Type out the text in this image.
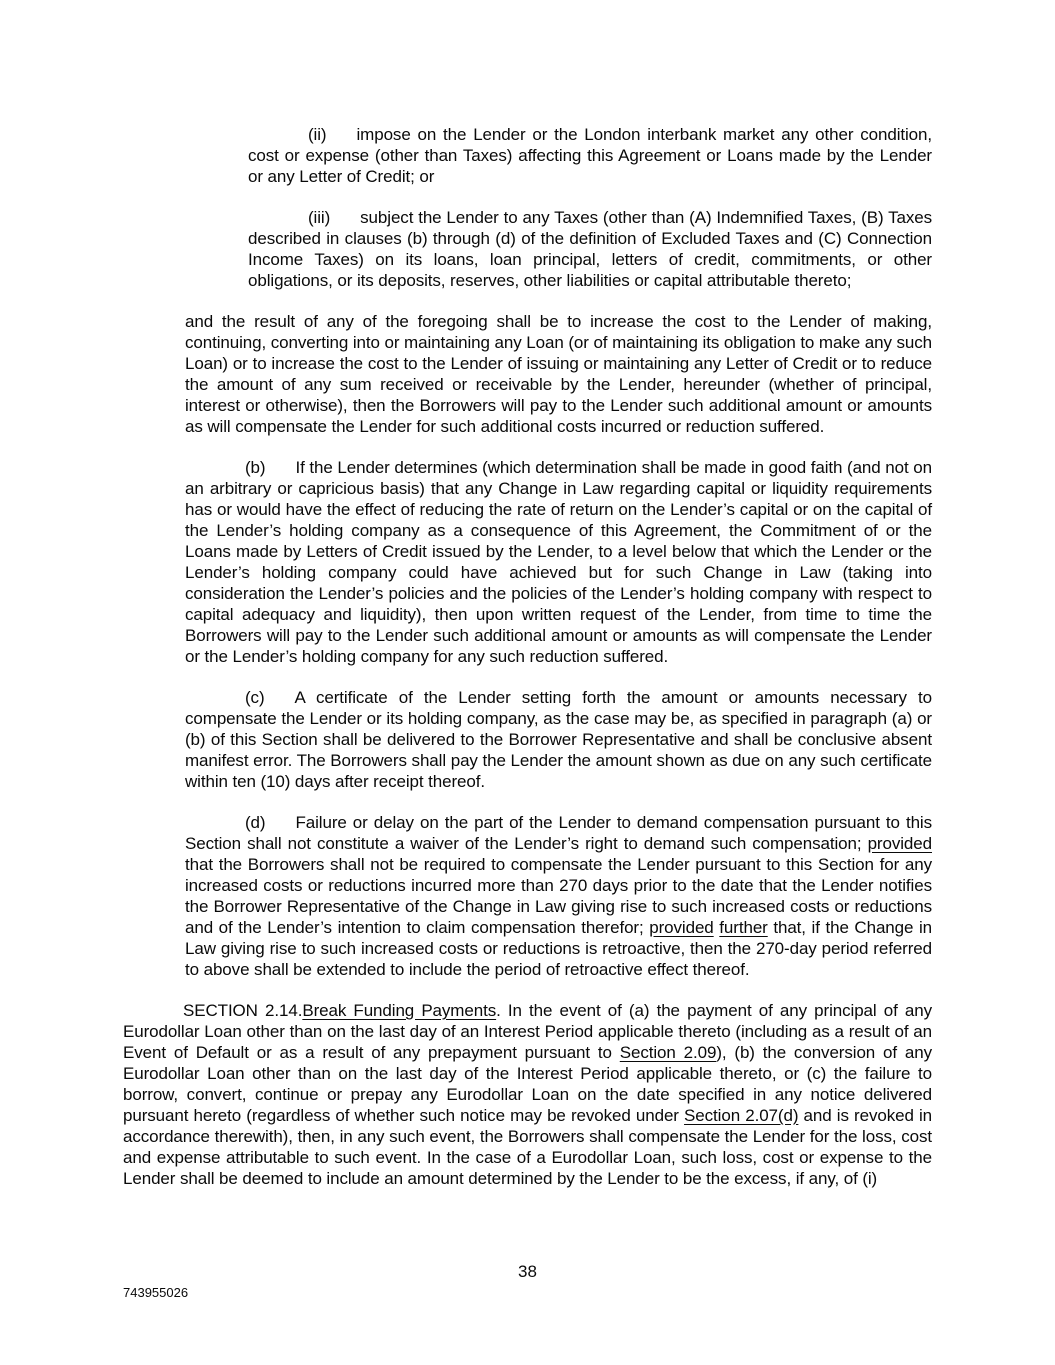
(ii) impose on the Lender or the London interbank market any other condition, cost or expense (other than Taxes) affecting this Agreement or Loans made by the Lender or any Letter of Credit; or

(iii) subject the Lender to any Taxes (other than (A) Indemnified Taxes, (B) Taxes described in clauses (b) through (d) of the definition of Excluded Taxes and (C) Connection Income Taxes) on its loans, loan principal, letters of credit, commitments, or other obligations, or its deposits, reserves, other liabilities or capital attributable thereto;

and the result of any of the foregoing shall be to increase the cost to the Lender of making, continuing, converting into or maintaining any Loan (or of maintaining its obligation to make any such Loan) or to increase the cost to the Lender of issuing or maintaining any Letter of Credit or to reduce the amount of any sum received or receivable by the Lender, hereunder (whether of principal, interest or otherwise), then the Borrowers will pay to the Lender such additional amount or amounts as will compensate the Lender for such additional costs incurred or reduction suffered.

(b) If the Lender determines (which determination shall be made in good faith (and not on an arbitrary or capricious basis) that any Change in Law regarding capital or liquidity requirements has or would have the effect of reducing the rate of return on the Lender’s capital or on the capital of the Lender’s holding company as a consequence of this Agreement, the Commitment of or the Loans made by Letters of Credit issued by the Lender, to a level below that which the Lender or the Lender’s holding company could have achieved but for such Change in Law (taking into consideration the Lender’s policies and the policies of the Lender’s holding company with respect to capital adequacy and liquidity), then upon written request of the Lender, from time to time the Borrowers will pay to the Lender such additional amount or amounts as will compensate the Lender or the Lender’s holding company for any such reduction suffered.

(c) A certificate of the Lender setting forth the amount or amounts necessary to compensate the Lender or its holding company, as the case may be, as specified in paragraph (a) or (b) of this Section shall be delivered to the Borrower Representative and shall be conclusive absent manifest error. The Borrowers shall pay the Lender the amount shown as due on any such certificate within ten (10) days after receipt thereof.

(d) Failure or delay on the part of the Lender to demand compensation pursuant to this Section shall not constitute a waiver of the Lender’s right to demand such compensation; provided that the Borrowers shall not be required to compensate the Lender pursuant to this Section for any increased costs or reductions incurred more than 270 days prior to the date that the Lender notifies the Borrower Representative of the Change in Law giving rise to such increased costs or reductions and of the Lender’s intention to claim compensation therefor; provided further that, if the Change in Law giving rise to such increased costs or reductions is retroactive, then the 270-day period referred to above shall be extended to include the period of retroactive effect thereof.

SECTION 2.14.Break Funding Payments. In the event of (a) the payment of any principal of any Eurodollar Loan other than on the last day of an Interest Period applicable thereto (including as a result of an Event of Default or as a result of any prepayment pursuant to Section 2.09), (b) the conversion of any Eurodollar Loan other than on the last day of the Interest Period applicable thereto, or (c) the failure to borrow, convert, continue or prepay any Eurodollar Loan on the date specified in any notice delivered pursuant hereto (regardless of whether such notice may be revoked under Section 2.07(d) and is revoked in accordance therewith), then, in any such event, the Borrowers shall compensate the Lender for the loss, cost and expense attributable to such event. In the case of a Eurodollar Loan, such loss, cost or expense to the Lender shall be deemed to include an amount determined by the Lender to be the excess, if any, of (i)

38
743955026
